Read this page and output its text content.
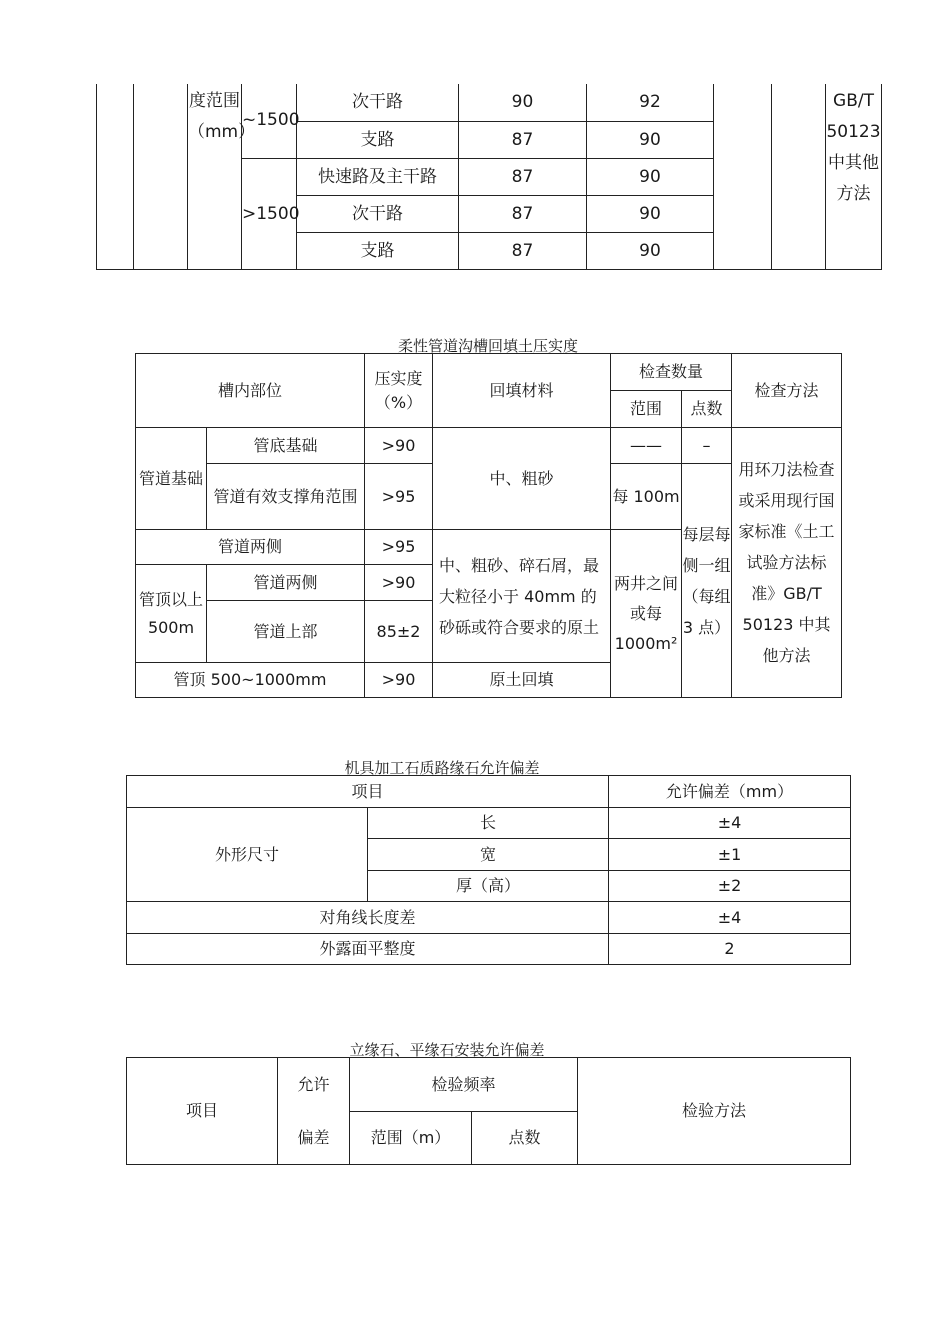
		度范围（mm）	~1500	次干路	90	92			GB/T 50123 中其他方法
				支路	87	90			
			>1500	快速路及主干路	87	90			
				次干路	87	90			
				支路	87	90			
柔性管道沟槽回填土压实度
槽内部位		压实度（%）	回填材料	检查数量		检查方法
				范围	点数	
管道基础	管底基础	>90	中、粗砂	——	–	用环刀法检查或采用现行国家标准《土工试验方法标准》GB/T 50123 中其他方法
	管道有效支撑角范围	>95		每 100m	每层每侧一组（每组 3 点）	
管道两侧		>95	中、粗砂、碎石屑，最大粒径小于 40mm 的砂砾或符合要求的原土	两井之间或每 1000m²		
管顶以上500m	管道两侧	>90				
	管道上部	85±2				
管顶 500~1000mm		>90	原土回填			
机具加工石质路缘石允许偏差
项目		允许偏差（mm）
外形尺寸	长	±4
	宽	±1
	厚（高）	±2
对角线长度差		±4
外露面平整度		2
立缘石、平缘石安装允许偏差
项目	允许	检验频率		检验方法
	偏差	范围（m）	点数	
